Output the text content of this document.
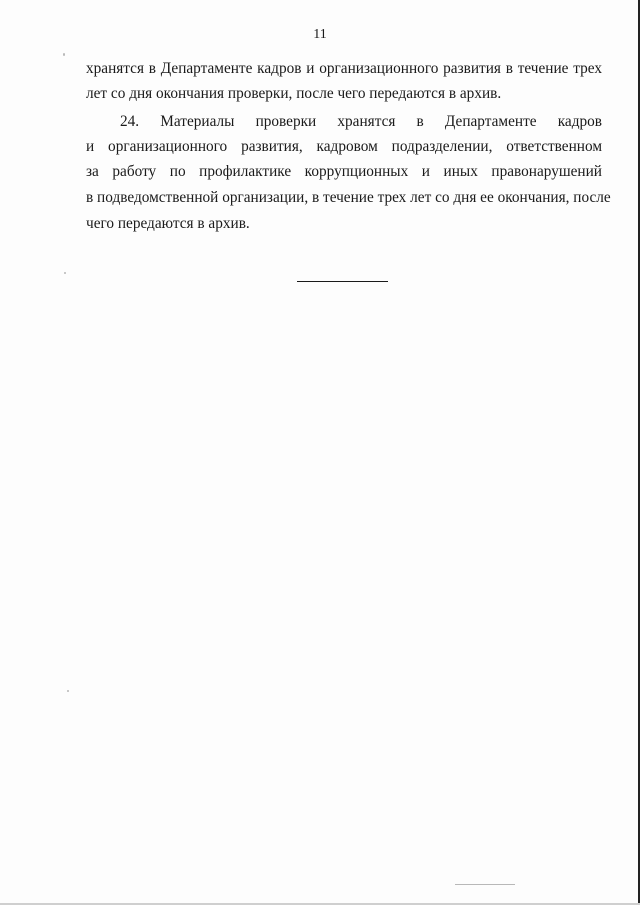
11
хранятся в Департаменте кадров и организационного развития в течение трех
лет со дня окончания проверки, после чего передаются в архив.
24. Материалы проверки хранятся в Департаменте кадров
и организационного развития, кадровом подразделении, ответственном
за работу по профилактике коррупционных и иных правонарушений
в подведомственной организации, в течение трех лет со дня ее окончания, после
чего передаются в архив.
